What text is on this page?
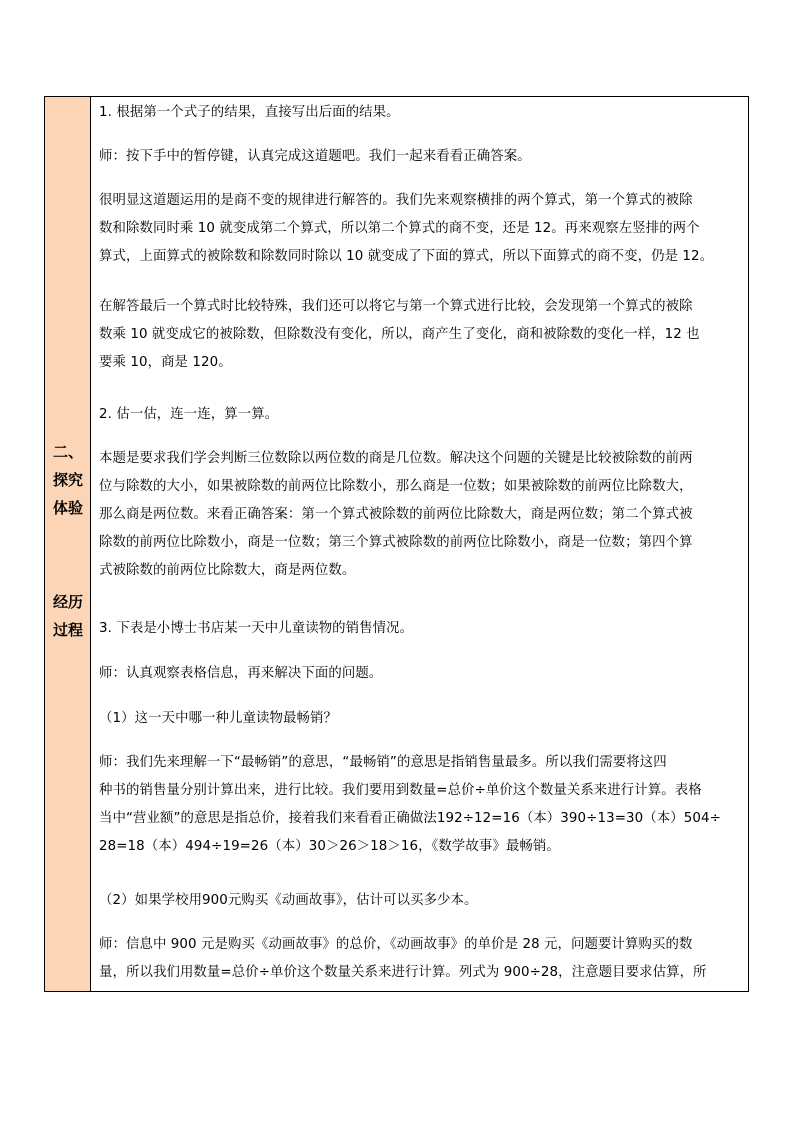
二、
探究
体验
经历
过程
1. 根据第一个式子的结果，直接写出后面的结果。
师：按下手中的暂停键，认真完成这道题吧。我们一起来看看正确答案。
很明显这道题运用的是商不变的规律进行解答的。我们先来观察横排的两个算式，第一个算式的被除
数和除数同时乘 10 就变成第二个算式，所以第二个算式的商不变，还是 12。再来观察左竖排的两个
算式，上面算式的被除数和除数同时除以 10 就变成了下面的算式，所以下面算式的商不变，仍是 12。
在解答最后一个算式时比较特殊，我们还可以将它与第一个算式进行比较，会发现第一个算式的被除
数乘 10 就变成它的被除数，但除数没有变化，所以，商产生了变化，商和被除数的变化一样，12 也
要乘 10，商是 120。
2. 估一估，连一连，算一算。
本题是要求我们学会判断三位数除以两位数的商是几位数。解决这个问题的关键是比较被除数的前两
位与除数的大小，如果被除数的前两位比除数小，那么商是一位数；如果被除数的前两位比除数大，
那么商是两位数。来看正确答案：第一个算式被除数的前两位比除数大，商是两位数；第二个算式被
除数的前两位比除数小，商是一位数；第三个算式被除数的前两位比除数小，商是一位数；第四个算
式被除数的前两位比除数大，商是两位数。
3. 下表是小博士书店某一天中儿童读物的销售情况。
师：认真观察表格信息，再来解决下面的问题。
（1）这一天中哪一种儿童读物最畅销？
师：我们先来理解一下“最畅销”的意思，“最畅销”的意思是指销售量最多。所以我们需要将这四
种书的销售量分别计算出来，进行比较。我们要用到数量=总价÷单价这个数量关系来进行计算。表格
当中“营业额”的意思是指总价，接着我们来看看正确做法192÷12=16（本）390÷13=30（本）504÷
28=18（本）494÷19=26（本）30＞26＞18＞16，《数学故事》最畅销。
（2）如果学校用900元购买《动画故事》，估计可以买多少本。
师：信息中 900 元是购买《动画故事》的总价，《动画故事》的单价是 28 元，问题要计算购买的数
量，所以我们用数量=总价÷单价这个数量关系来进行计算。列式为 900÷28，注意题目要求估算，所
